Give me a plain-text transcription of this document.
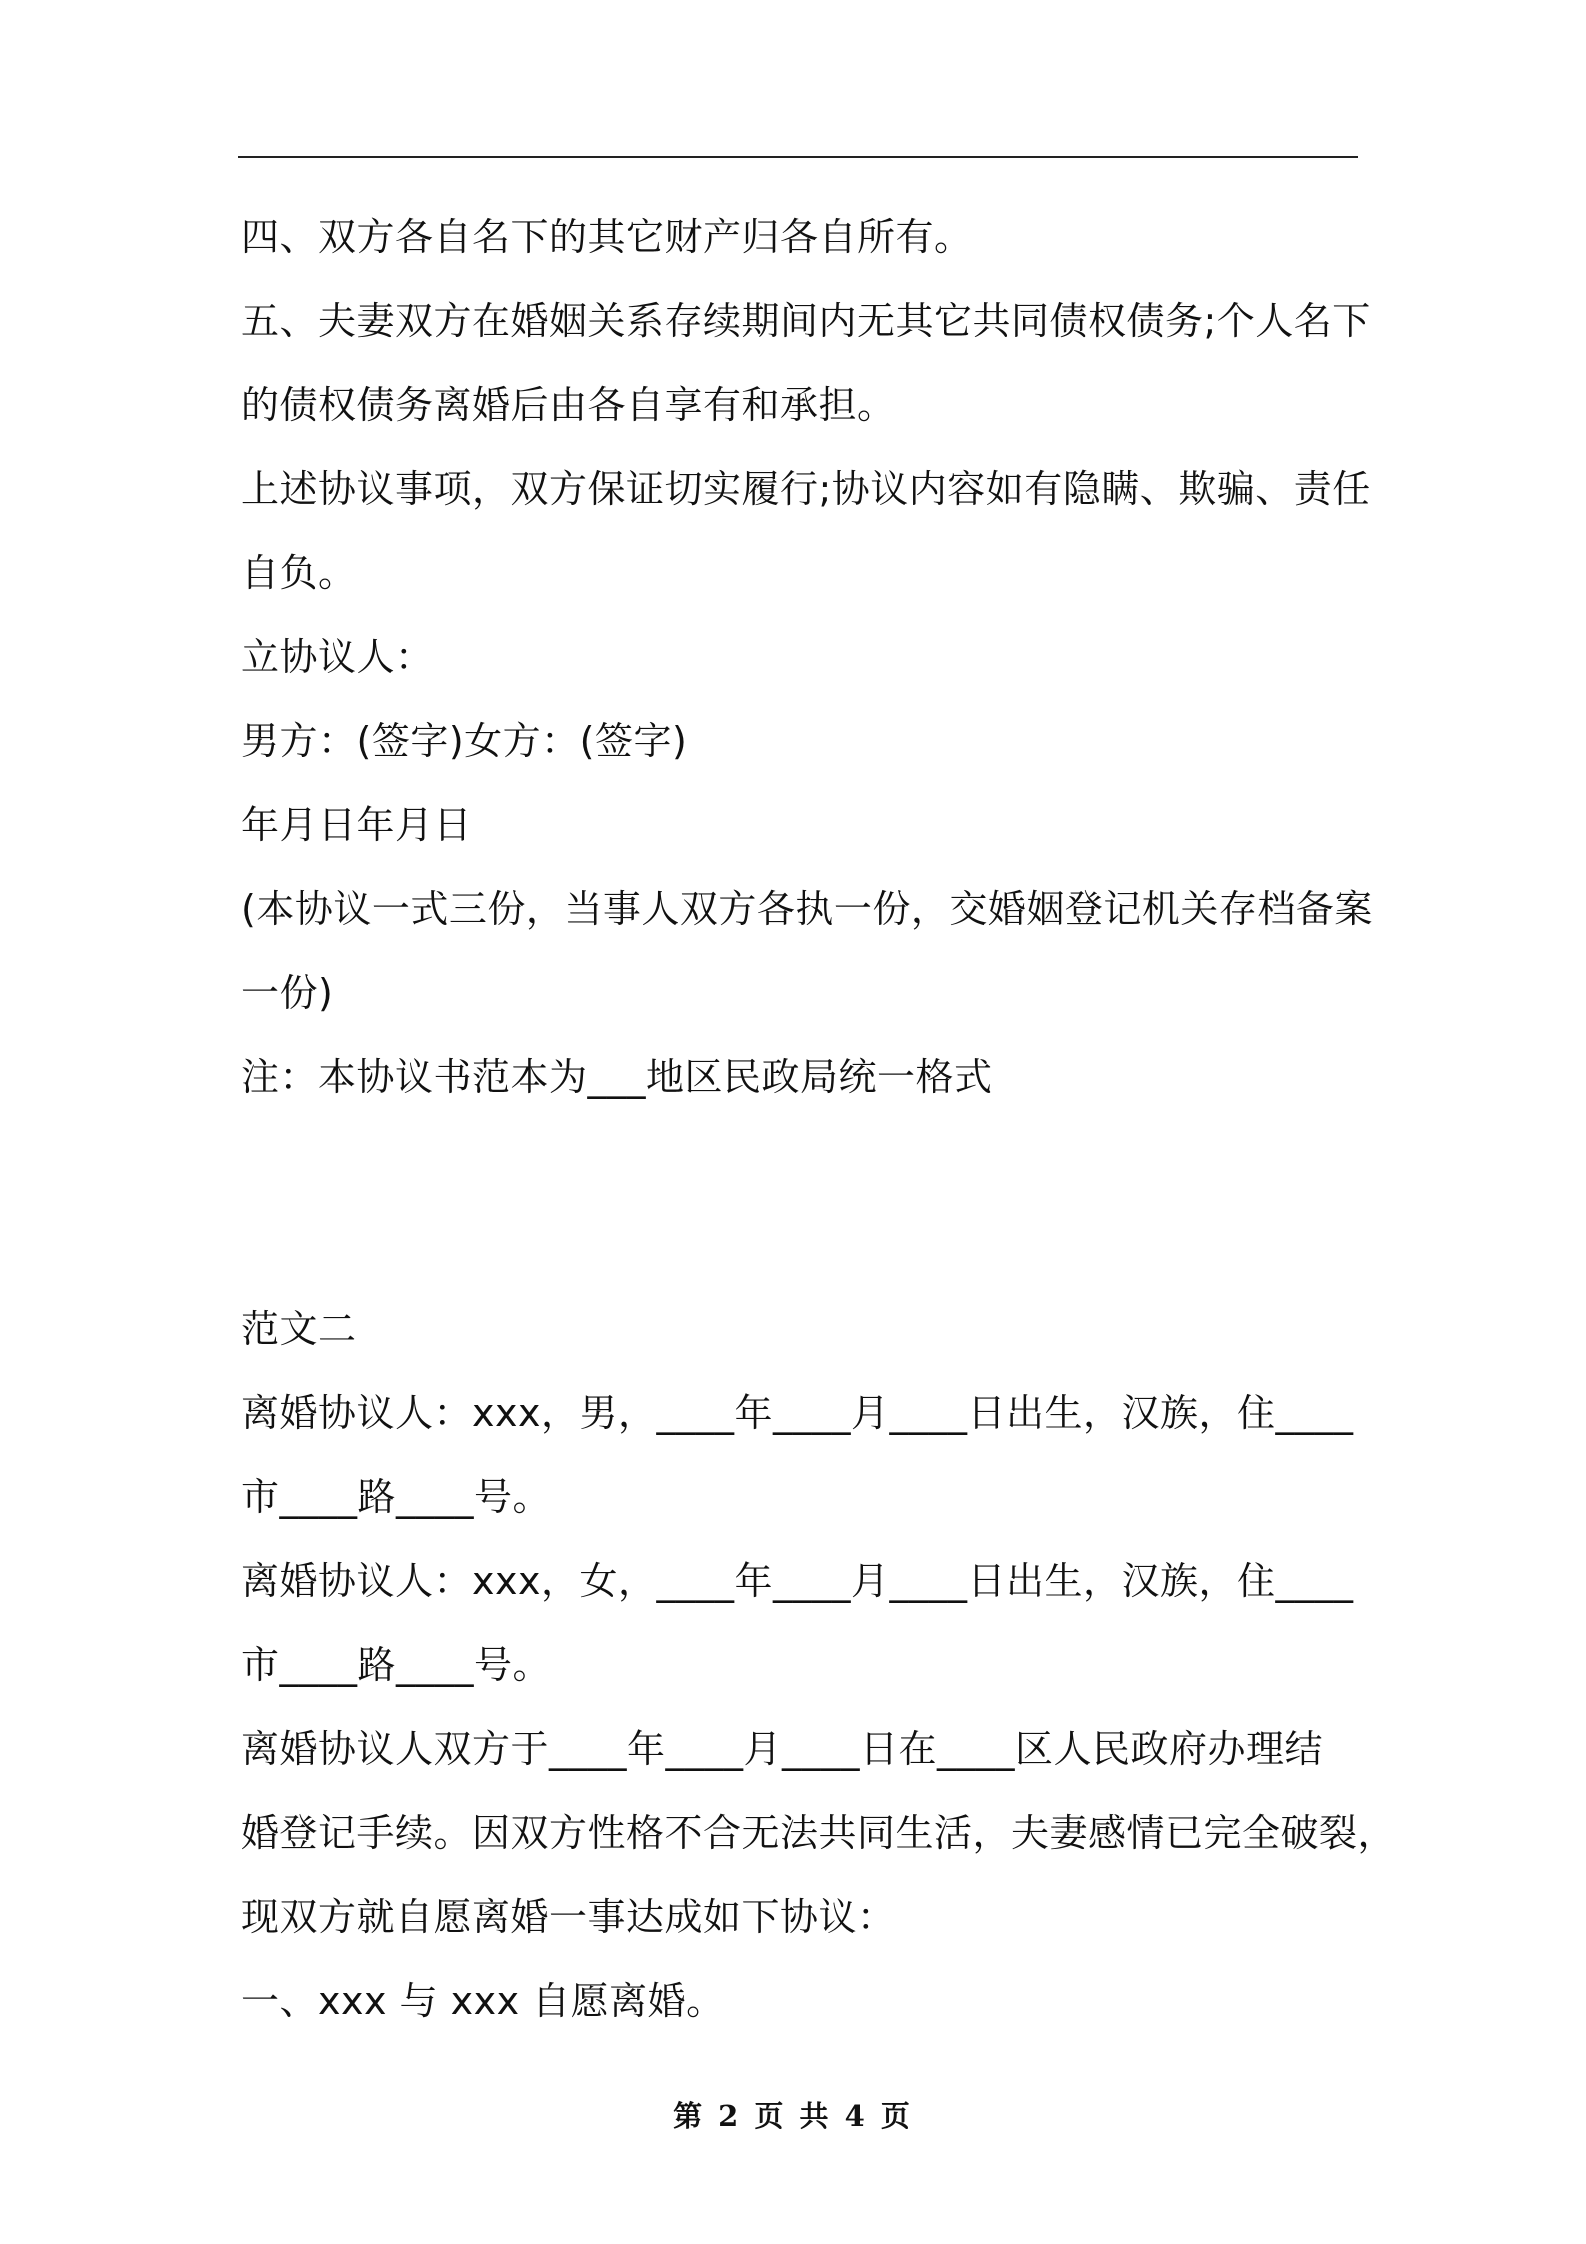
四、双方各自名下的其它财产归各自所有。
五、夫妻双方在婚姻关系存续期间内无其它共同债权债务;个人名下
的债权债务离婚后由各自享有和承担。
上述协议事项，双方保证切实履行;协议内容如有隐瞒、欺骗、责任
自负。
立协议人：
男方：(签字)女方：(签字)
年月日年月日
(本协议一式三份，当事人双方各执一份，交婚姻登记机关存档备案
一份)
注：本协议书范本为___地区民政局统一格式
范文二
离婚协议人：xxx，男，____年____月____日出生，汉族，住____
市____路____号。
离婚协议人：xxx，女，____年____月____日出生，汉族，住____
市____路____号。
离婚协议人双方于____年____月____日在____区人民政府办理结
婚登记手续。因双方性格不合无法共同生活，夫妻感情已完全破裂，
现双方就自愿离婚一事达成如下协议：
一、xxx 与 xxx 自愿离婚。
第 2 页 共 4 页
